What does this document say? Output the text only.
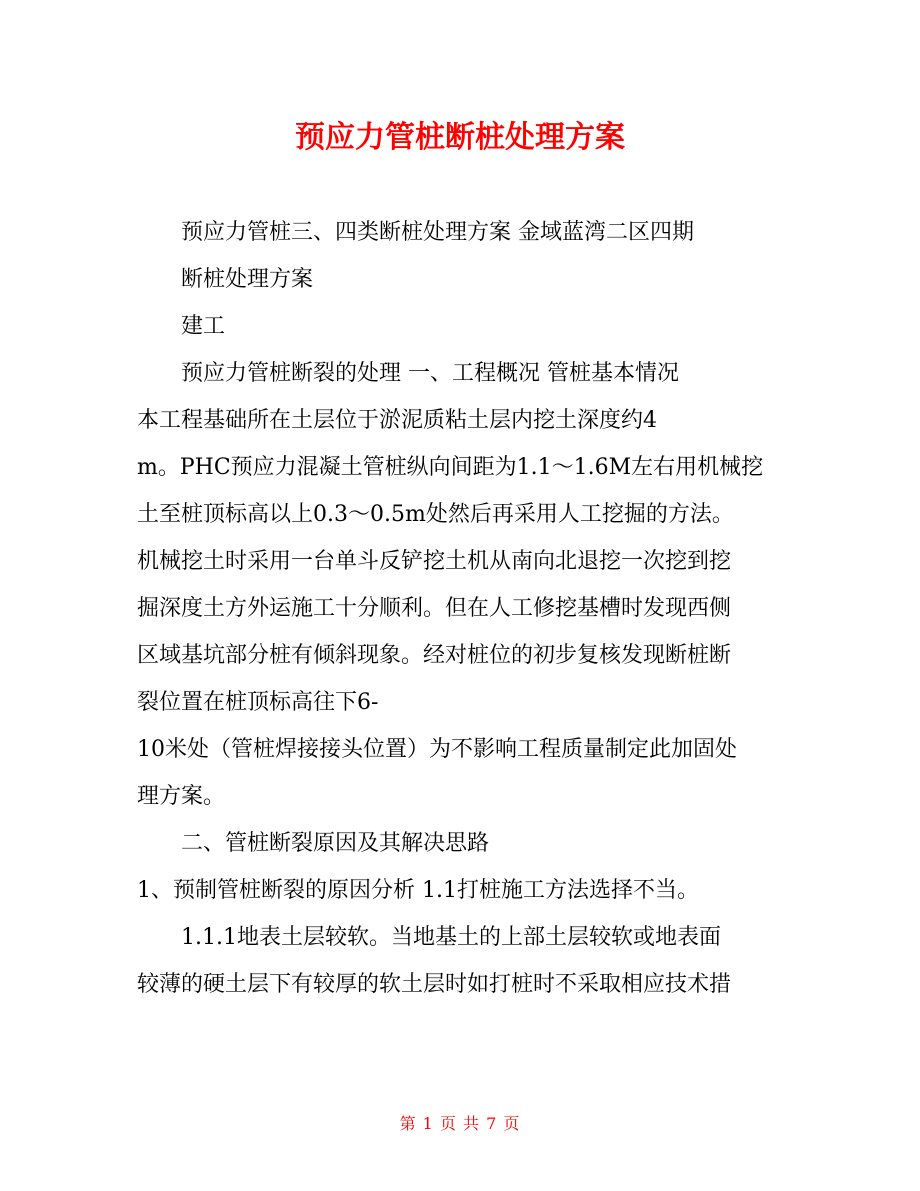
预应力管桩断桩处理方案
预应力管桩三、四类断桩处理方案 金域蓝湾二区四期
断桩处理方案
建工
预应力管桩断裂的处理 一、工程概况 管桩基本情况
本工程基础所在土层位于淤泥质粘土层内挖土深度约4
m。PHC预应力混凝土管桩纵向间距为1.1～1.6M左右用机械挖
土至桩顶标高以上0.3～0.5m处然后再采用人工挖掘的方法。
机械挖土时采用一台单斗反铲挖土机从南向北退挖一次挖到挖
掘深度土方外运施工十分顺利。但在人工修挖基槽时发现西侧
区域基坑部分桩有倾斜现象。经对桩位的初步复核发现断桩断
裂位置在桩顶标高往下6-
10米处（管桩焊接接头位置）为不影响工程质量制定此加固处
理方案。
二、管桩断裂原因及其解决思路
1、预制管桩断裂的原因分析 1.1打桩施工方法选择不当。
1.1.1地表土层较软。当地基土的上部土层较软或地表面
较薄的硬土层下有较厚的软土层时如打桩时不采取相应技术措
第 1 页 共 7 页
